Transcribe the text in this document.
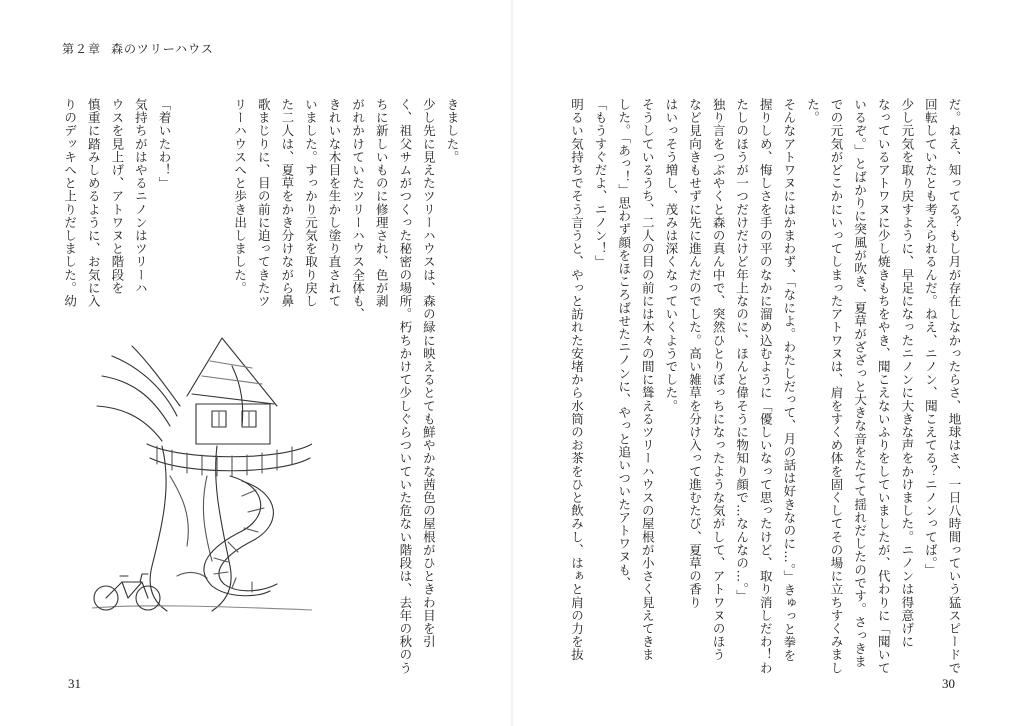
第２章 森のツリーハウス

だ。ねえ、知ってる？もし月が存在しなかったらさ、地球はさ、一日八時間っていう猛スピードで

回転していたとも考えられるんだ。ねえ、ニノン、聞こえてる？ニノンってば。」

少し元気を取り戻すように、早足になったニノンに大きな声をかけました。ニノンは得意げに

なっているアトワヌに少し焼きもちをやき、聞こえないふりをしていましたが、代わりに「聞いて

いるぞ。」とばかりに突風が吹き、夏草がざざっと大きな音をたてて揺れだしたのです。さっきま

での元気がどこかにいってしまったアトワヌは、肩をすくめ体を固くしてその場に立ちすくみまし

た。

そんなアトワヌにはかまわず、「なによ。わたしだって、月の話は好きなのに…。」きゅっと拳を

握りしめ、悔しさを手の平のなかに溜め込むように「優しいなって思ったけど、取り消しだわ！わ

たしのほうが一つだけだけど年上なのに、ほんと偉そうに物知り顔で…なんなの…。」

独り言をつぶやくと森の真ん中で、突然ひとりぼっちになったような気がして、アトワヌのほう

など見向きもせずに先に進んだのでした。高い雑草を分け入って進むたび、夏草の香り

はいっそう増し、茂みは深くなっていくようでした。

そうしているうち、二人の目の前には木々の間に聳えるツリーハウスの屋根が小さく見えてきま

した。「あっ！」思わず顔をほころばせたニノンに、やっと追いついたアトワヌも、

「もうすぐだよ、ニノン！」

明るい気持ちでそう言うと、やっと訪れた安堵から水筒のお茶をひと飲みし、はぁと肩の力を抜

きました。

少し先に見えたツリーハウスは、森の緑に映えるとても鮮やかな茜色の屋根がひときわ目を引

く、祖父サムがつくった秘密の場所。朽ちかけて少しぐらついていた危ない階段は、去年の秋のう

ちに新しいものに修理され、色が剥

がれかけていたツリーハウス全体も、

きれいな木目を生かし塗り直されて

いました。すっかり元気を取り戻し

た二人は、夏草をかき分けながら鼻

歌まじりに、目の前に迫ってきたツ

リーハウスへと歩き出しました。

「着いたわ！」

気持ちがはやるニノンはツリーハ

ウスを見上げ、アトワヌと階段を

慎重に踏みしめるように、お気に入

りのデッキへと上りだしました。幼

31	30
